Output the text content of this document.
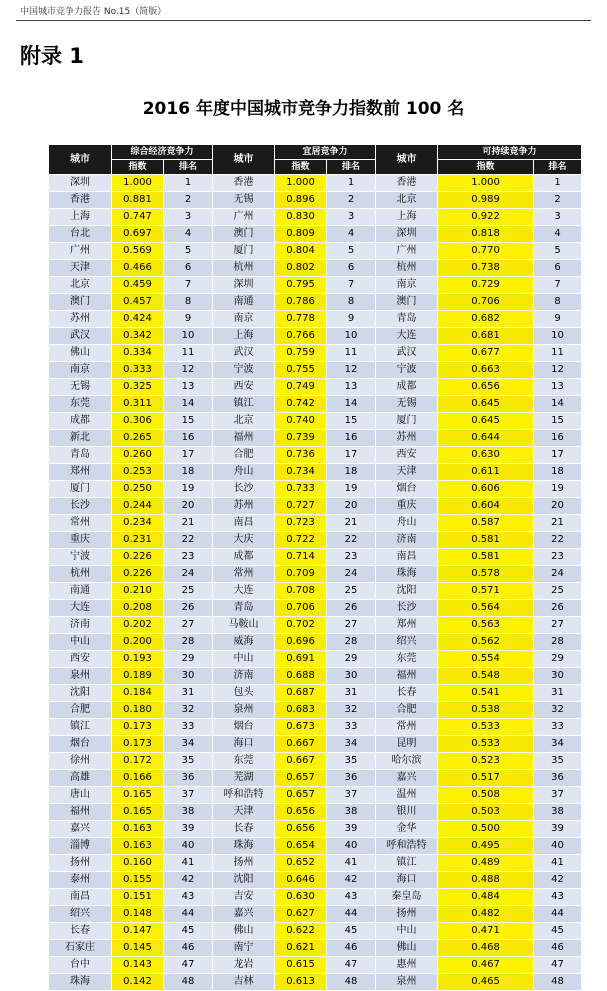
中国城市竞争力报告 No.15（简版）
附录 1
2016 年度中国城市竞争力指数前 100 名
城市	综合经济竞争力		城市	宜居竞争力		城市	可持续竞争力	
	指数	排名		指数	排名		指数	排名
深圳	1.000	1	香港	1.000	1	香港	1.000	1
香港	0.881	2	无锡	0.896	2	北京	0.989	2
上海	0.747	3	广州	0.830	3	上海	0.922	3
台北	0.697	4	澳门	0.809	4	深圳	0.818	4
广州	0.569	5	厦门	0.804	5	广州	0.770	5
天津	0.466	6	杭州	0.802	6	杭州	0.738	6
北京	0.459	7	深圳	0.795	7	南京	0.729	7
澳门	0.457	8	南通	0.786	8	澳门	0.706	8
苏州	0.424	9	南京	0.778	9	青岛	0.682	9
武汉	0.342	10	上海	0.766	10	大连	0.681	10
佛山	0.334	11	武汉	0.759	11	武汉	0.677	11
南京	0.333	12	宁波	0.755	12	宁波	0.663	12
无锡	0.325	13	西安	0.749	13	成都	0.656	13
东莞	0.311	14	镇江	0.742	14	无锡	0.645	14
成都	0.306	15	北京	0.740	15	厦门	0.645	15
新北	0.265	16	福州	0.739	16	苏州	0.644	16
青岛	0.260	17	合肥	0.736	17	西安	0.630	17
郑州	0.253	18	舟山	0.734	18	天津	0.611	18
厦门	0.250	19	长沙	0.733	19	烟台	0.606	19
长沙	0.244	20	苏州	0.727	20	重庆	0.604	20
常州	0.234	21	南昌	0.723	21	舟山	0.587	21
重庆	0.231	22	大庆	0.722	22	济南	0.581	22
宁波	0.226	23	成都	0.714	23	南昌	0.581	23
杭州	0.226	24	常州	0.709	24	珠海	0.578	24
南通	0.210	25	大连	0.708	25	沈阳	0.571	25
大连	0.208	26	青岛	0.706	26	长沙	0.564	26
济南	0.202	27	马鞍山	0.702	27	郑州	0.563	27
中山	0.200	28	威海	0.696	28	绍兴	0.562	28
西安	0.193	29	中山	0.691	29	东莞	0.554	29
泉州	0.189	30	济南	0.688	30	福州	0.548	30
沈阳	0.184	31	包头	0.687	31	长春	0.541	31
合肥	0.180	32	泉州	0.683	32	合肥	0.538	32
镇江	0.173	33	烟台	0.673	33	常州	0.533	33
烟台	0.173	34	海口	0.667	34	昆明	0.533	34
徐州	0.172	35	东莞	0.667	35	哈尔滨	0.523	35
高雄	0.166	36	芜湖	0.657	36	嘉兴	0.517	36
唐山	0.165	37	呼和浩特	0.657	37	温州	0.508	37
福州	0.165	38	天津	0.656	38	银川	0.503	38
嘉兴	0.163	39	长春	0.656	39	金华	0.500	39
淄博	0.163	40	珠海	0.654	40	呼和浩特	0.495	40
扬州	0.160	41	扬州	0.652	41	镇江	0.489	41
泰州	0.155	42	沈阳	0.646	42	海口	0.488	42
南昌	0.151	43	吉安	0.630	43	秦皇岛	0.484	43
绍兴	0.148	44	嘉兴	0.627	44	扬州	0.482	44
长春	0.147	45	佛山	0.622	45	中山	0.471	45
石家庄	0.145	46	南宁	0.621	46	佛山	0.468	46
台中	0.143	47	龙岩	0.615	47	惠州	0.467	47
珠海	0.142	48	吉林	0.613	48	泉州	0.465	48
